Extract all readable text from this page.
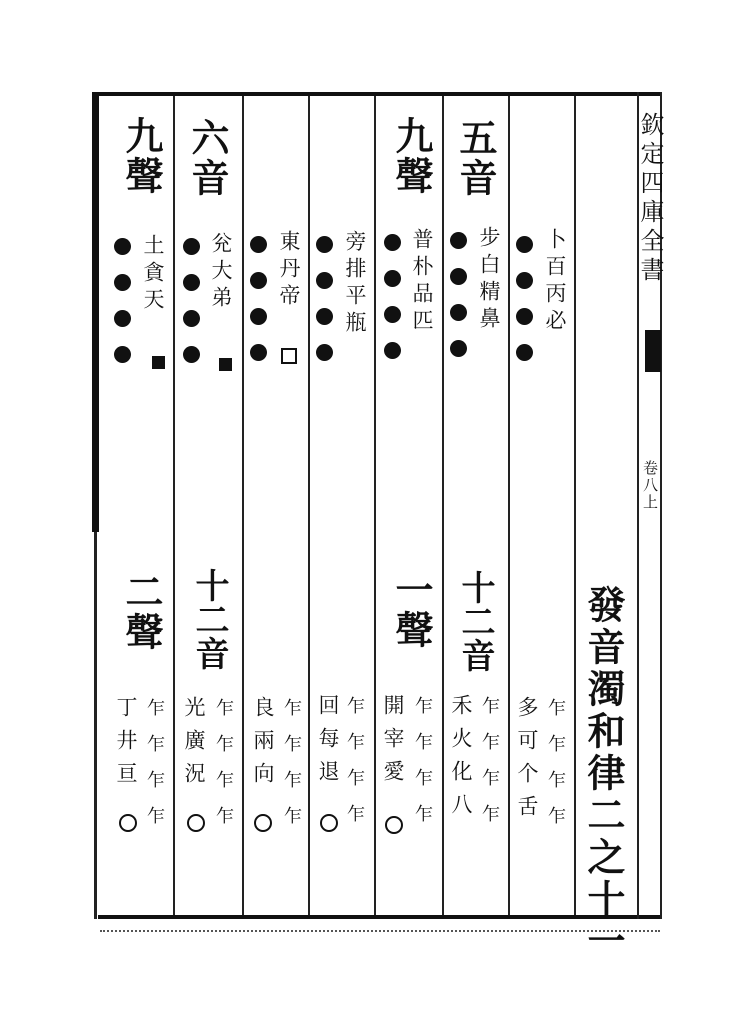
欽定四庫全書
卷八上
發音濁和律二之十一
卜百丙必
五音
步白精鼻
九聲
普朴品匹
旁排平瓶
東丹帝
六音
兊大弟
九聲
土貪天
乍乍乍乍
多可个舌
十二音
乍乍乍乍
禾火化八
一聲
乍乍乍乍
開宰愛
乍乍乍乍
回每退
乍乍乍乍
良兩向
十二音
乍乍乍乍
光廣況
二聲
乍乍乍乍
丁井亘
